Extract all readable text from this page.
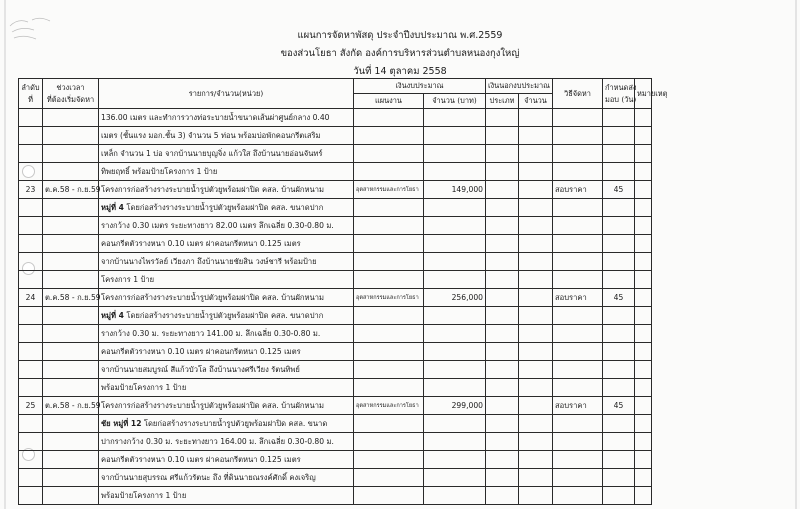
แผนการจัดหาพัสดุ ประจำปีงบประมาณ พ.ศ.2559
ของส่วนโยธา สังกัด องค์การบริหารส่วนตำบลหนองกุงใหญ่
วันที่ 14 ตุลาคม 2558
ลำดับ
ที่	ช่วงเวลา
ที่ต้องเริ่มจัดหา	รายการ/จำนวน(หน่วย)	เงินงบประมาณ		เงินนอกงบประมาณ		วิธีจัดหา	กำหนดส่ง
มอบ (วัน)	หมายเหตุ
			แผนงาน	จำนวน (บาท)	ประเภท	จำนวน			
		136.00 เมตร และทำการวางท่อระบายน้ำขนาดเส้นผ่าศูนย์กลาง 0.40							
		เมตร (ชั้นแรง มอก.ชั้น 3) จำนวน 5 ท่อน พร้อมบ่อพักคอนกรีตเสริม							
		เหล็ก จำนวน 1 บ่อ จากบ้านนายบุญจิ่ง แก้วใส ถึงบ้านนายอ่อนจันทร์							
		ทิพยฤทธิ์ พร้อมป้ายโครงการ 1 ป้าย							
23	ต.ค.58 - ก.ย.59	โครงการก่อสร้างรางระบายน้ำรูปตัวยูพร้อมฝาปิด คสล. บ้านผักหนาม	อุตสาหกรรมและการโยธา	149,000			สอบราคา	45	
		หมู่ที่ 4 โดยก่อสร้างรางระบายน้ำรูปตัวยูพร้อมฝาปิด คสล. ขนาดปาก							
		รางกว้าง 0.30 เมตร ระยะทางยาว 82.00 เมตร ลึกเฉลี่ย 0.30-0.80 ม.							
		คอนกรีตตัวรางหนา 0.10 เมตร ฝาคอนกรีตหนา 0.125 เมตร							
		จากบ้านนางไพรวัลย์ เวียงภา ถึงบ้านนายชัยสิน วงษ์ชารี พร้อมป้าย							
		โครงการ 1 ป้าย							
24	ต.ค.58 - ก.ย.59	โครงการก่อสร้างรางระบายน้ำรูปตัวยูพร้อมฝาปิด คสล. บ้านผักหนาม	อุตสาหกรรมและการโยธา	256,000			สอบราคา	45	
		หมู่ที่ 4 โดยก่อสร้างรางระบายน้ำรูปตัวยูพร้อมฝาปิด คสล. ขนาดปาก							
		รางกว้าง 0.30 ม. ระยะทางยาว 141.00 ม. ลึกเฉลี่ย 0.30-0.80 ม.							
		คอนกรีตตัวรางหนา 0.10 เมตร ฝาคอนกรีตหนา 0.125 เมตร							
		จากบ้านนายสมบูรณ์ สีแก้วบัวโล ถึงบ้านนางศรีเวียง รัตนทิพย์							
		พร้อมป้ายโครงการ 1 ป้าย							
25	ต.ค.58 - ก.ย.59	โครงการก่อสร้างรางระบายน้ำรูปตัวยูพร้อมฝาปิด คสล. บ้านผักหนาม	อุตสาหกรรมและการโยธา	299,000			สอบราคา	45	
		ชัย หมู่ที่ 12 โดยก่อสร้างรางระบายน้ำรูปตัวยูพร้อมฝาปิด คสล. ขนาด							
		ปากรางกว้าง 0.30 ม. ระยะทางยาว 164.00 ม. ลึกเฉลี่ย 0.30-0.80 ม.							
		คอนกรีตตัวรางหนา 0.10 เมตร ฝาคอนกรีตหนา 0.125 เมตร							
		จากบ้านนายสุบรรณ ศรีแก้วรัตนะ ถึง ที่ดินนายณรงค์ศักดิ์ คงเจริญ							
		พร้อมป้ายโครงการ 1 ป้าย							
